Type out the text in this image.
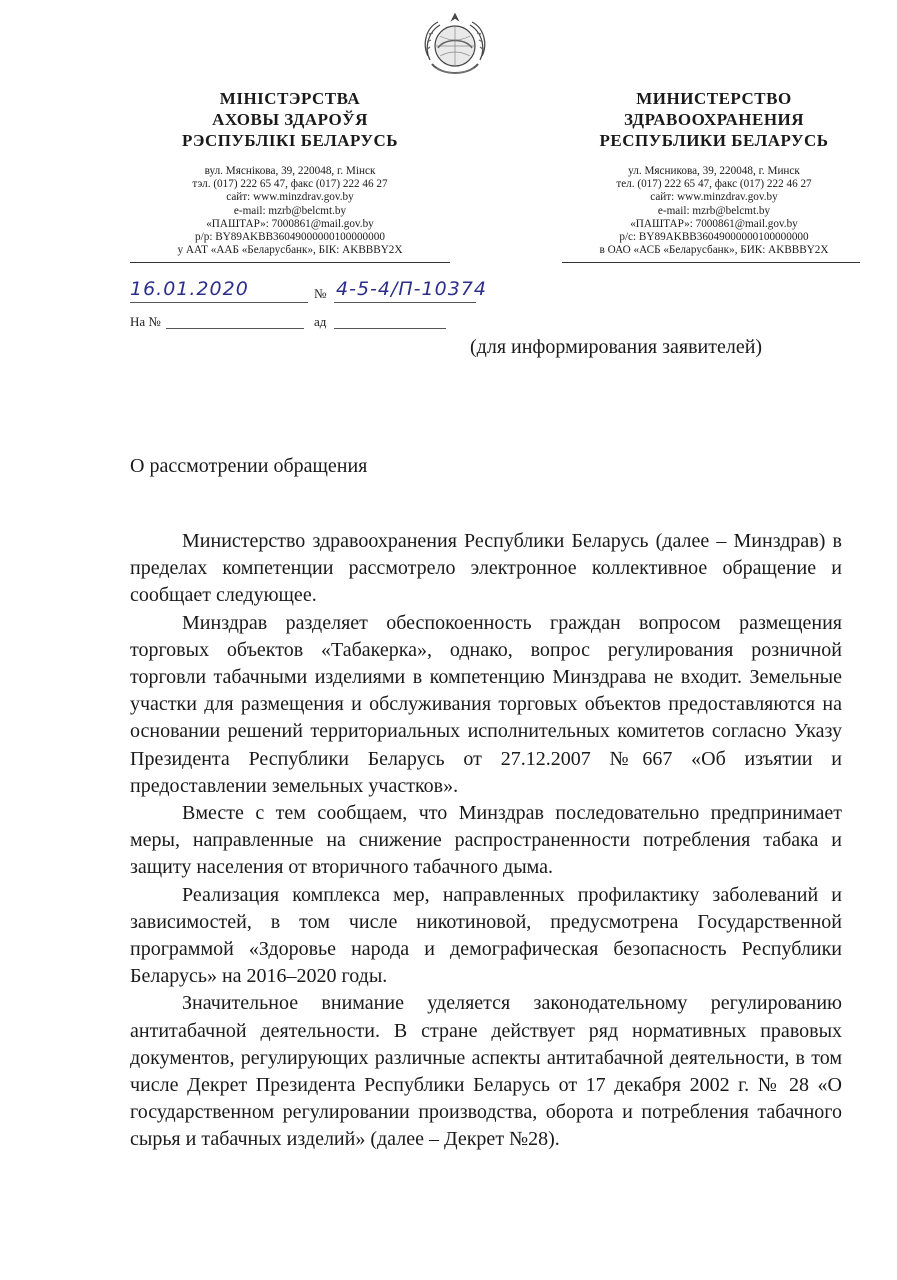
МІНІСТЭРСТВА
АХОВЫ ЗДАРОЎЯ
РЭСПУБЛІКІ БЕЛАРУСЬ
вул. Мяснікова, 39, 220048, г. Мінск
тэл. (017) 222 65 47, факс (017) 222 46 27
сайт: www.minzdrav.gov.by
e-mail: mzrb@belcmt.by
«ПАШТАР»: 7000861@mail.gov.by
р/р: BY89AKBB36049000000100000000
у ААТ «ААБ «Беларусбанк», БІК: AKBBBY2X
МИНИСТЕРСТВО
ЗДРАВООХРАНЕНИЯ
РЕСПУБЛИКИ БЕЛАРУСЬ
ул. Мясникова, 39, 220048, г. Минск
тел. (017) 222 65 47, факс (017) 222 46 27
сайт: www.minzdrav.gov.by
e-mail: mzrb@belcmt.by
«ПАШТАР»: 7000861@mail.gov.by
р/с: BY89AKBB36049000000100000000
в ОАО «АСБ «Беларусбанк», БИК: AKBBBY2X
16.01.2020	№ 4-5-4/П-10374
На №	ад
(для информирования заявителей)
О рассмотрении обращения

Министерство здравоохранения Республики Беларусь (далее – Минздрав) в пределах компетенции рассмотрело электронное коллективное обращение и сообщает следующее.

Минздрав разделяет обеспокоенность граждан вопросом размещения торговых объектов «Табакерка», однако, вопрос регулирования розничной торговли табачными изделиями в компетенцию Минздрава не входит. Земельные участки для размещения и обслуживания торговых объектов предоставляются на основании решений территориальных исполнительных комитетов согласно Указу Президента Республики Беларусь от 27.12.2007 №667 «Об изъятии и предоставлении земельных участков».

Вместе с тем сообщаем, что Минздрав последовательно предпринимает меры, направленные на снижение распространенности потребления табака и защиту населения от вторичного табачного дыма.

Реализация комплекса мер, направленных профилактику заболеваний и зависимостей, в том числе никотиновой, предусмотрена Государственной программой «Здоровье народа и демографическая безопасность Республики Беларусь» на 2016–2020 годы.

Значительное внимание уделяется законодательному регулированию антитабачной деятельности. В стране действует ряд нормативных правовых документов, регулирующих различные аспекты антитабачной деятельности, в том числе Декрет Президента Республики Беларусь от 17 декабря 2002 г. № 28 «О государственном регулировании производства, оборота и потребления табачного сырья и табачных изделий» (далее – Декрет №28).
